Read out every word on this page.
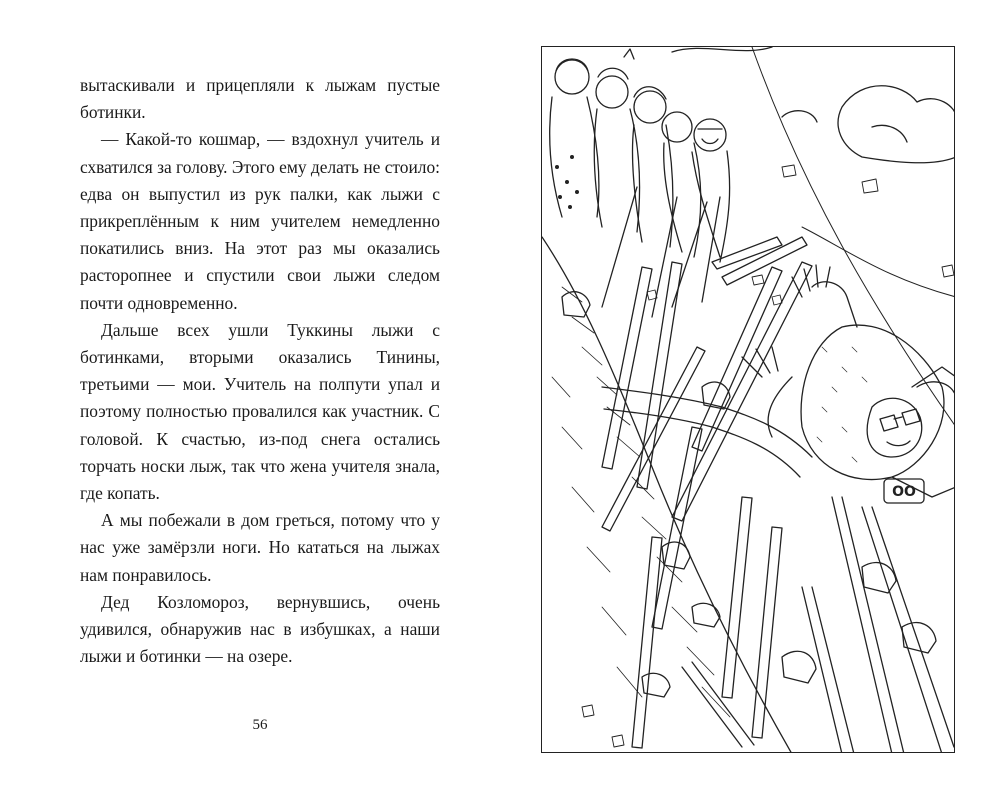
вытаскивали и прицепляли к лыжам пустые ботинки.

— Какой-то кошмар, — вздохнул учитель и схватился за голову. Этого ему делать не стоило: едва он выпустил из рук палки, как лыжи с прикреплённым к ним учителем немедленно покатились вниз. На этот раз мы оказались расторопнее и спустили свои лыжи следом почти одновременно.

Дальше всех ушли Туккины лыжи с ботинками, вторыми оказались Тинины, третьими — мои. Учитель на полпути упал и поэтому полностью провалился как участник. С головой. К счастью, из-под снега остались торчать носки лыж, так что жена учителя знала, где копать.

А мы побежали в дом греться, потому что у нас уже замёрзли ноги. Но кататься на лыжах нам понравилось.

Дед Козломороз, вернувшись, очень удивился, обнаружив нас в избушках, а наши лыжи и ботинки — на озере.

56
OO
